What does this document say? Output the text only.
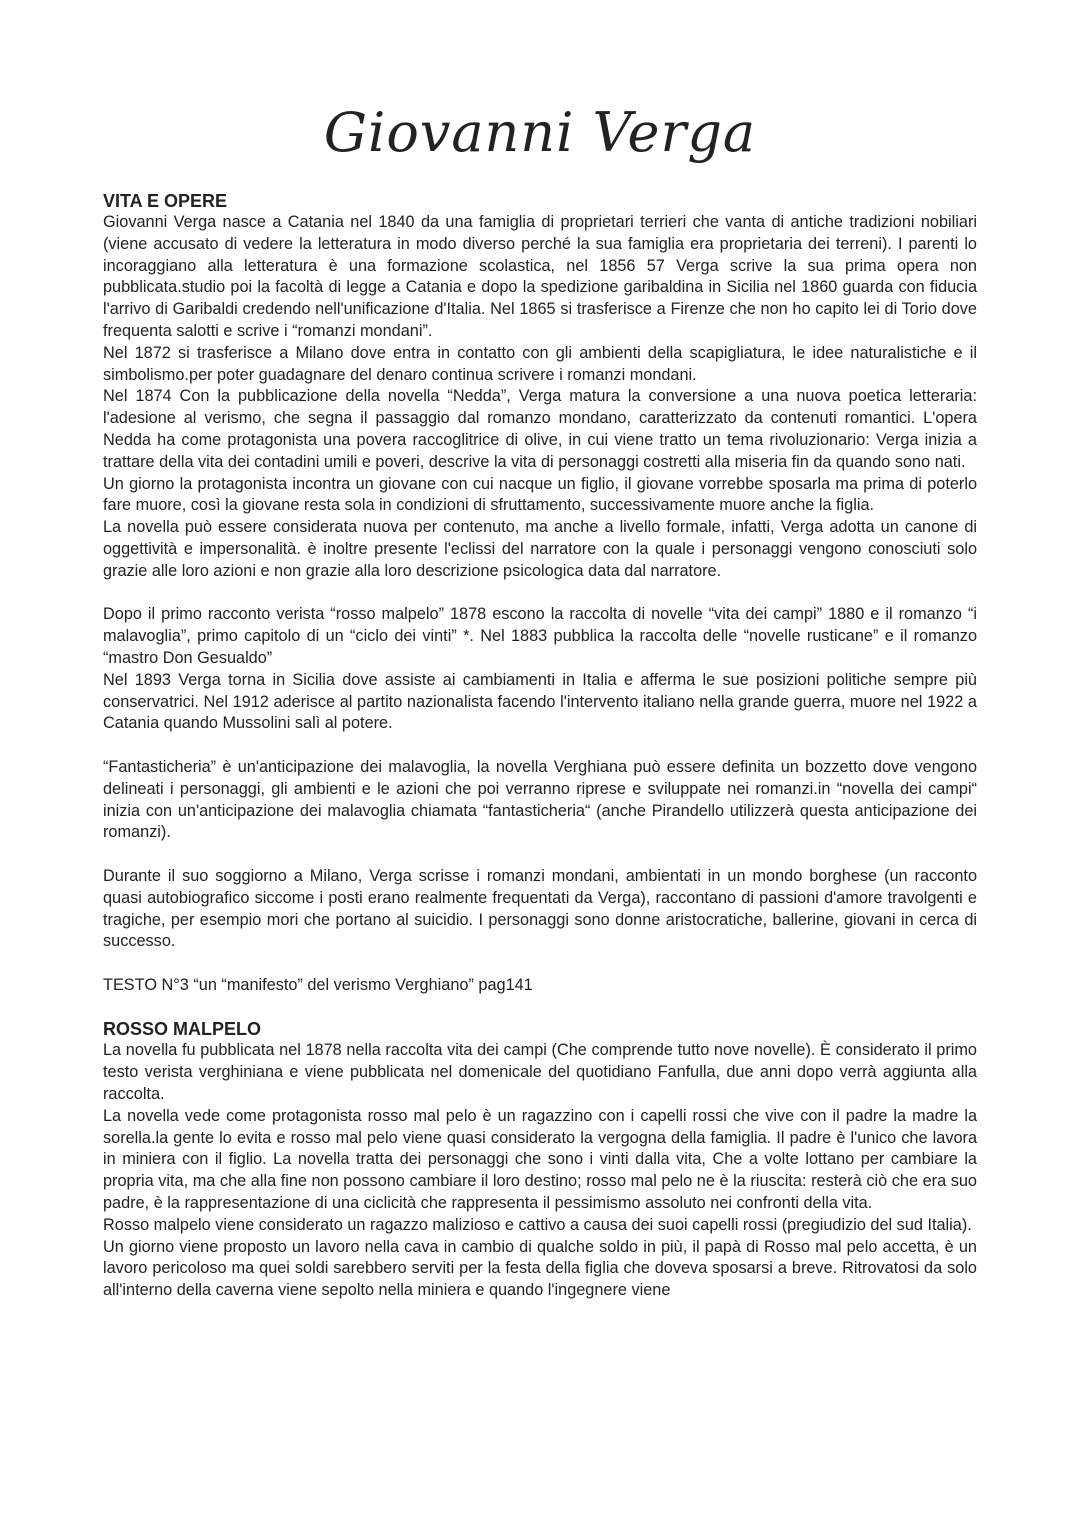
Giovanni Verga
VITA E OPERE

Giovanni Verga nasce a Catania nel 1840 da una famiglia di proprietari terrieri che vanta di antiche tradizioni nobiliari (viene accusato di vedere la letteratura in modo diverso perché la sua famiglia era proprietaria dei terreni). I parenti lo incoraggiano alla letteratura è una formazione scolastica, nel 1856 57 Verga scrive la sua prima opera non pubblicata.studio poi la facoltà di legge a Catania e dopo la spedizione garibaldina in Sicilia nel 1860 guarda con fiducia l'arrivo di Garibaldi credendo nell'unificazione d'Italia. Nel 1865 si trasferisce a Firenze che non ho capito lei di Torio dove frequenta salotti e scrive i “romanzi mondani”.

Nel 1872 si trasferisce a Milano dove entra in contatto con gli ambienti della scapigliatura, le idee naturalistiche e il simbolismo.per poter guadagnare del denaro continua scrivere i romanzi mondani.

Nel 1874 Con la pubblicazione della novella “Nedda”, Verga matura la conversione a una nuova poetica letteraria: l'adesione al verismo, che segna il passaggio dal romanzo mondano, caratterizzato da contenuti romantici. L'opera Nedda ha come protagonista una povera raccoglitrice di olive, in cui viene tratto un tema rivoluzionario: Verga inizia a trattare della vita dei contadini umili e poveri, descrive la vita di personaggi costretti alla miseria fin da quando sono nati.

Un giorno la protagonista incontra un giovane con cui nacque un figlio, il giovane vorrebbe sposarla ma prima di poterlo fare muore, così la giovane resta sola in condizioni di sfruttamento, successivamente muore anche la figlia.

La novella può essere considerata nuova per contenuto, ma anche a livello formale, infatti, Verga adotta un canone di oggettività e impersonalità. è inoltre presente l'eclissi del narratore con la quale i personaggi vengono conosciuti solo grazie alle loro azioni e non grazie alla loro descrizione psicologica data dal narratore.

Dopo il primo racconto verista “rosso malpelo” 1878 escono la raccolta di novelle “vita dei campi” 1880 e il romanzo “i malavoglia”, primo capitolo di un “ciclo dei vinti” *. Nel 1883 pubblica la raccolta delle “novelle rusticane” e il romanzo “mastro Don Gesualdo”

Nel 1893 Verga torna in Sicilia dove assiste ai cambiamenti in Italia e afferma le sue posizioni politiche sempre più conservatrici. Nel 1912 aderisce al partito nazionalista facendo l'intervento italiano nella grande guerra, muore nel 1922 a Catania quando Mussolini salì al potere.

“Fantasticheria” è un'anticipazione dei malavoglia, la novella Verghiana può essere definita un bozzetto dove vengono delineati i personaggi, gli ambienti e le azioni che poi verranno riprese e sviluppate nei romanzi.in “novella dei campi“ inizia con un'anticipazione dei malavoglia chiamata “fantasticheria“ (anche Pirandello utilizzerà questa anticipazione dei romanzi).

Durante il suo soggiorno a Milano, Verga scrisse i romanzi mondani, ambientati in un mondo borghese (un racconto quasi autobiografico siccome i posti erano realmente frequentati da Verga), raccontano di passioni d'amore travolgenti e tragiche, per esempio mori che portano al suicidio. I personaggi sono donne aristocratiche, ballerine, giovani in cerca di successo.

TESTO N°3 “un “manifesto” del verismo Verghiano” pag141

ROSSO MALPELO

La novella fu pubblicata nel 1878 nella raccolta vita dei campi (Che comprende tutto nove novelle). È considerato il primo testo verista verghiniana e viene pubblicata nel domenicale del quotidiano Fanfulla, due anni dopo verrà aggiunta alla raccolta.

La novella vede come protagonista rosso mal pelo è un ragazzino con i capelli rossi che vive con il padre la madre la sorella.la gente lo evita e rosso mal pelo viene quasi considerato la vergogna della famiglia. Il padre è l'unico che lavora in miniera con il figlio. La novella tratta dei personaggi che sono i vinti dalla vita, Che a volte lottano per cambiare la propria vita, ma che alla fine non possono cambiare il loro destino; rosso mal pelo ne è la riuscita: resterà ciò che era suo padre, è la rappresentazione di una ciclicità che rappresenta il pessimismo assoluto nei confronti della vita.

Rosso malpelo viene considerato un ragazzo malizioso e cattivo a causa dei suoi capelli rossi (pregiudizio del sud Italia).

Un giorno viene proposto un lavoro nella cava in cambio di qualche soldo in più, il papà di Rosso mal pelo accetta, è un lavoro pericoloso ma quei soldi sarebbero serviti per la festa della figlia che doveva sposarsi a breve. Ritrovatosi da solo all'interno della caverna viene sepolto nella miniera e quando l'ingegnere viene
